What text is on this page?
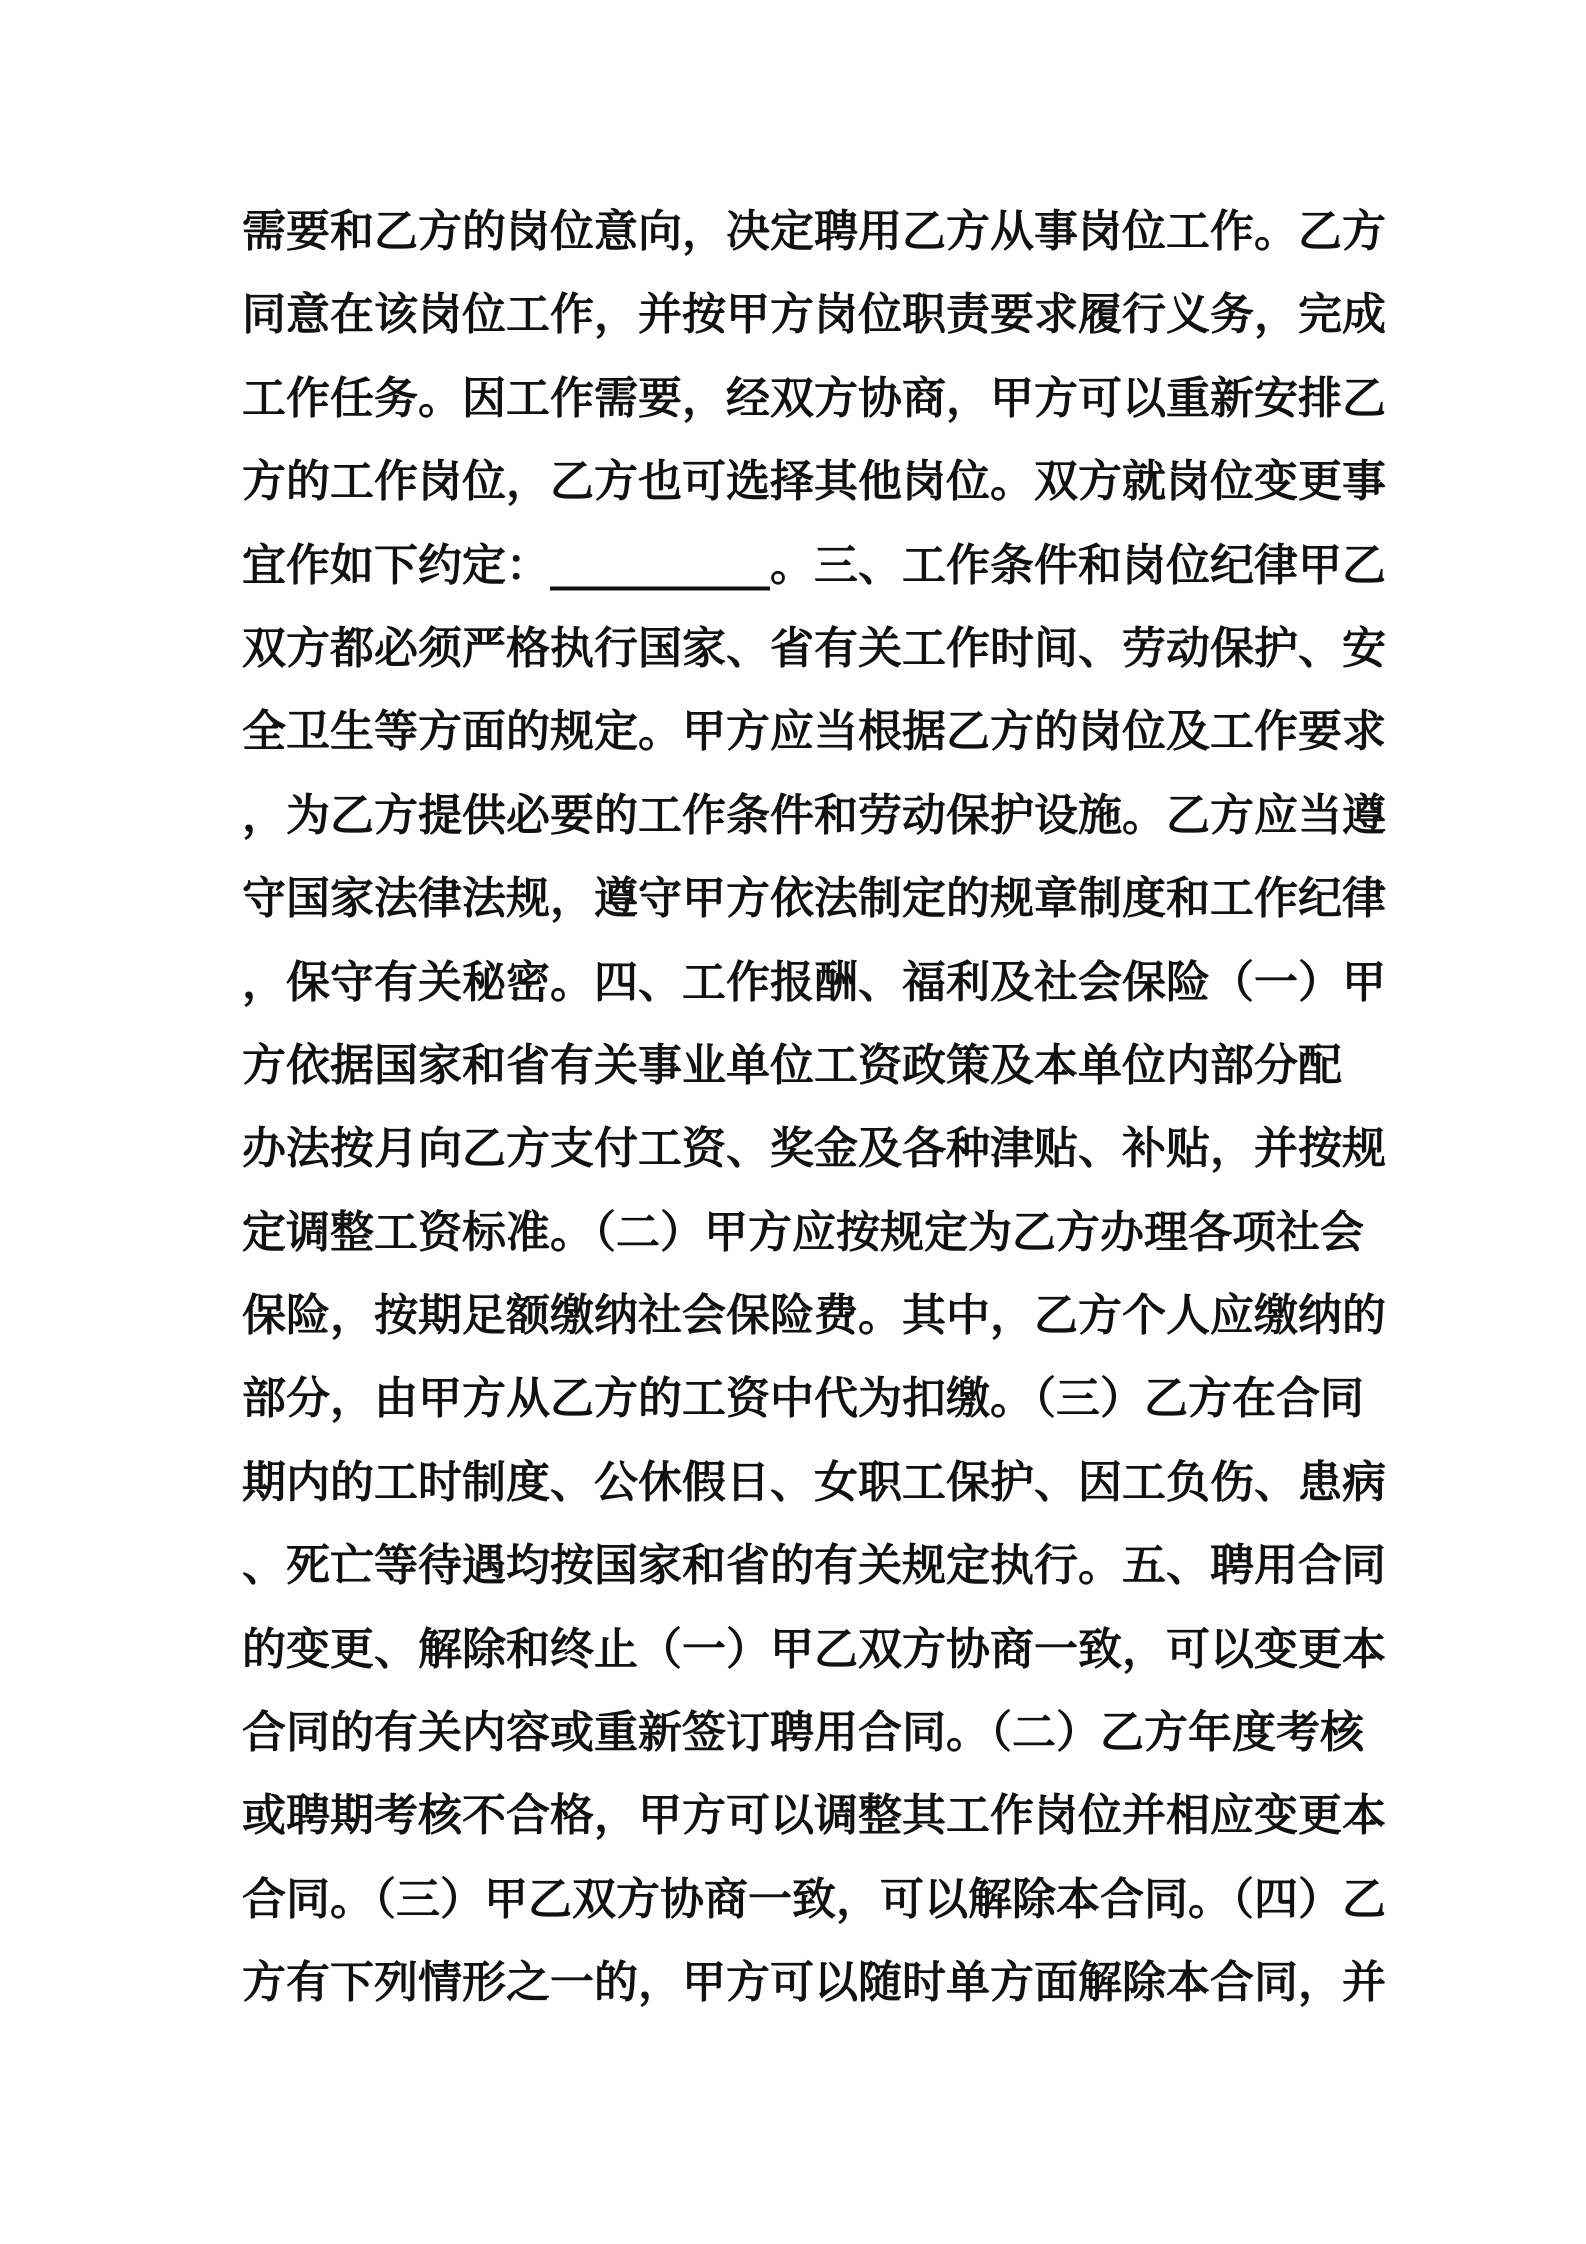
需要和乙方的岗位意向，决定聘用乙方从事岗位工作。乙方
同意在该岗位工作，并按甲方岗位职责要求履行义务，完成
工作任务。因工作需要，经双方协商，甲方可以重新安排乙
方的工作岗位，乙方也可选择其他岗位。双方就岗位变更事
宜作如下约定：__________。三、工作条件和岗位纪律甲乙
双方都必须严格执行国家、省有关工作时间、劳动保护、安
全卫生等方面的规定。甲方应当根据乙方的岗位及工作要求
，为乙方提供必要的工作条件和劳动保护设施。乙方应当遵
守国家法律法规，遵守甲方依法制定的规章制度和工作纪律
，保守有关秘密。四、工作报酬、福利及社会保险（一）甲
方依据国家和省有关事业单位工资政策及本单位内部分配
办法按月向乙方支付工资、奖金及各种津贴、补贴，并按规
定调整工资标准。（二）甲方应按规定为乙方办理各项社会
保险，按期足额缴纳社会保险费。其中，乙方个人应缴纳的
部分，由甲方从乙方的工资中代为扣缴。（三）乙方在合同
期内的工时制度、公休假日、女职工保护、因工负伤、患病
、死亡等待遇均按国家和省的有关规定执行。五、聘用合同
的变更、解除和终止（一）甲乙双方协商一致，可以变更本
合同的有关内容或重新签订聘用合同。（二）乙方年度考核
或聘期考核不合格，甲方可以调整其工作岗位并相应变更本
合同。（三）甲乙双方协商一致，可以解除本合同。（四）乙
方有下列情形之一的，甲方可以随时单方面解除本合同，并
